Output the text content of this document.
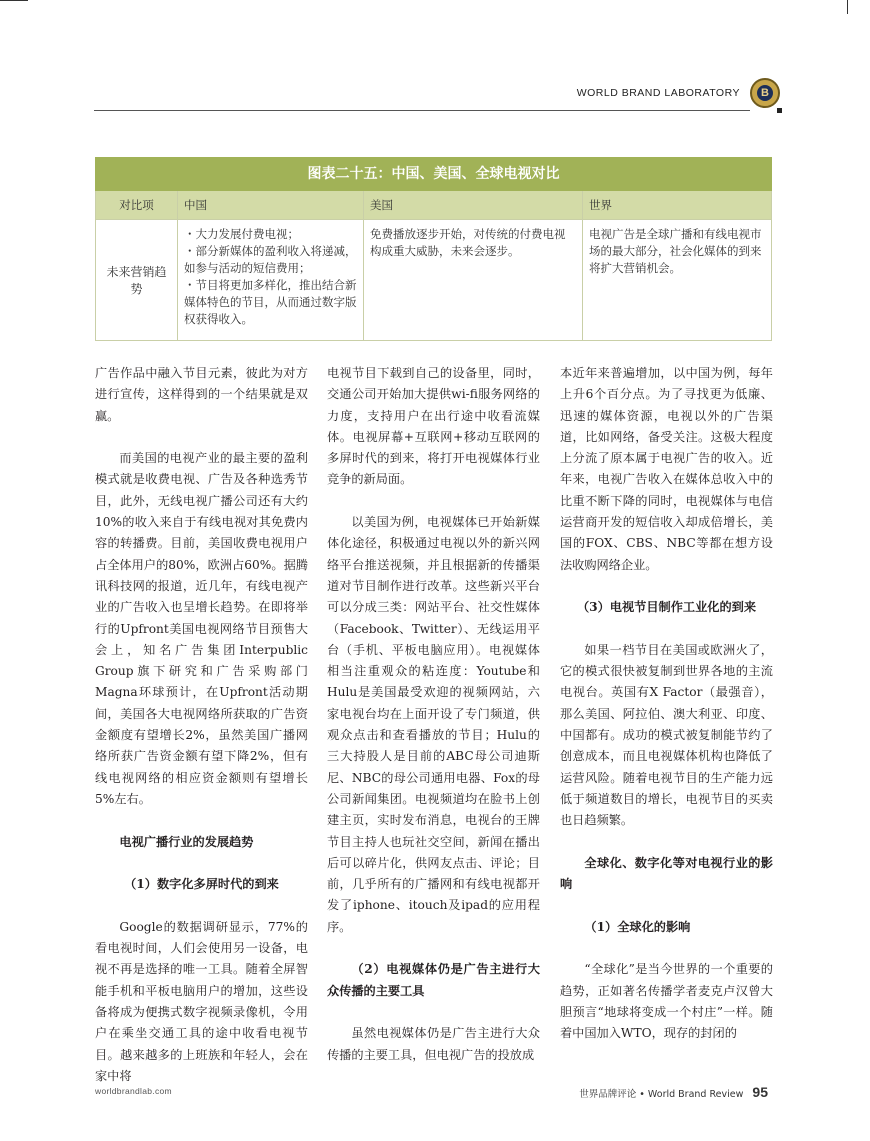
WORLD BRAND LABORATORY	B
图表二十五：中国、美国、全球电视对比			
对比项	中国	美国	世界
未来营销趋势	・大力发展付费电视；
・部分新媒体的盈利收入将递减，如参与活动的短信费用；
・节目将更加多样化，推出结合新媒体特色的节目，从而通过数字版权获得收入。	免费播放逐步开始，对传统的付费电视构成重大威胁，未来会逐步。	电视广告是全球广播和有线电视市场的最大部分，社会化媒体的到来将扩大营销机会。

广告作品中融入节目元素，彼此为对方进行宣传，这样得到的一个结果就是双赢。

而美国的电视产业的最主要的盈利模式就是收费电视、广告及各种选秀节目，此外，无线电视广播公司还有大约10%的收入来自于有线电视对其免费内容的转播费。目前，美国收费电视用户占全体用户的80%，欧洲占60%。据腾讯科技网的报道，近几年，有线电视产业的广告收入也呈增长趋势。在即将举行的Upfront美国电视网络节目预售大会上，知名广告集团Interpublic Group旗下研究和广告采购部门Magna环球预计，在Upfront活动期间，美国各大电视网络所获取的广告资金额度有望增长2%，虽然美国广播网络所获广告资金额有望下降2%，但有线电视网络的相应资金额则有望增长5%左右。

电视广播行业的发展趋势
（1）数字化多屏时代的到来

Google的数据调研显示，77%的看电视时间，人们会使用另一设备，电视不再是选择的唯一工具。随着全屏智能手机和平板电脑用户的增加，这些设备将成为便携式数字视频录像机，令用户在乘坐交通工具的途中收看电视节目。越来越多的上班族和年轻人，会在家中将

电视节目下载到自己的设备里，同时，交通公司开始加大提供wi-fi服务网络的力度，支持用户在出行途中收看流媒体。电视屏幕+互联网+移动互联网的多屏时代的到来，将打开电视媒体行业竞争的新局面。

以美国为例，电视媒体已开始新媒体化途径，积极通过电视以外的新兴网络平台推送视频，并且根据新的传播渠道对节目制作进行改革。这些新兴平台可以分成三类：网站平台、社交性媒体（Facebook、Twitter）、无线运用平台（手机、平板电脑应用）。电视媒体相当注重观众的粘连度：Youtube和Hulu是美国最受欢迎的视频网站，六家电视台均在上面开设了专门频道，供观众点击和查看播放的节目；Hulu的三大持股人是目前的ABC母公司迪斯尼、NBC的母公司通用电器、Fox的母公司新闻集团。电视频道均在脸书上创建主页，实时发布消息，电视台的王牌节目主持人也玩社交空间，新闻在播出后可以碎片化，供网友点击、评论；目前，几乎所有的广播网和有线电视都开发了iphone、itouch及ipad的应用程序。

（2）电视媒体仍是广告主进行大众传播的主要工具

虽然电视媒体仍是广告主进行大众传播的主要工具，但电视广告的投放成

本近年来普遍增加，以中国为例，每年上升6个百分点。为了寻找更为低廉、迅速的媒体资源，电视以外的广告渠道，比如网络，备受关注。这极大程度上分流了原本属于电视广告的收入。近年来，电视广告收入在媒体总收入中的比重不断下降的同时，电视媒体与电信运营商开发的短信收入却成倍增长，美国的FOX、CBS、NBC等都在想方设法收购网络企业。

（3）电视节目制作工业化的到来

如果一档节目在美国或欧洲火了，它的模式很快被复制到世界各地的主流电视台。英国有X Factor（最强音），那么美国、阿拉伯、澳大利亚、印度、中国都有。成功的模式被复制能节约了创意成本，而且电视媒体机构也降低了运营风险。随着电视节目的生产能力远低于频道数目的增长，电视节目的买卖也日趋频繁。

全球化、数字化等对电视行业的影响
（1）全球化的影响

“全球化”是当今世界的一个重要的趋势，正如著名传播学者麦克卢汉曾大胆预言“地球将变成一个村庄”一样。随着中国加入WTO，现存的封闭的

worldbrandlab.com	世界品牌评论 • World Brand Review 95
